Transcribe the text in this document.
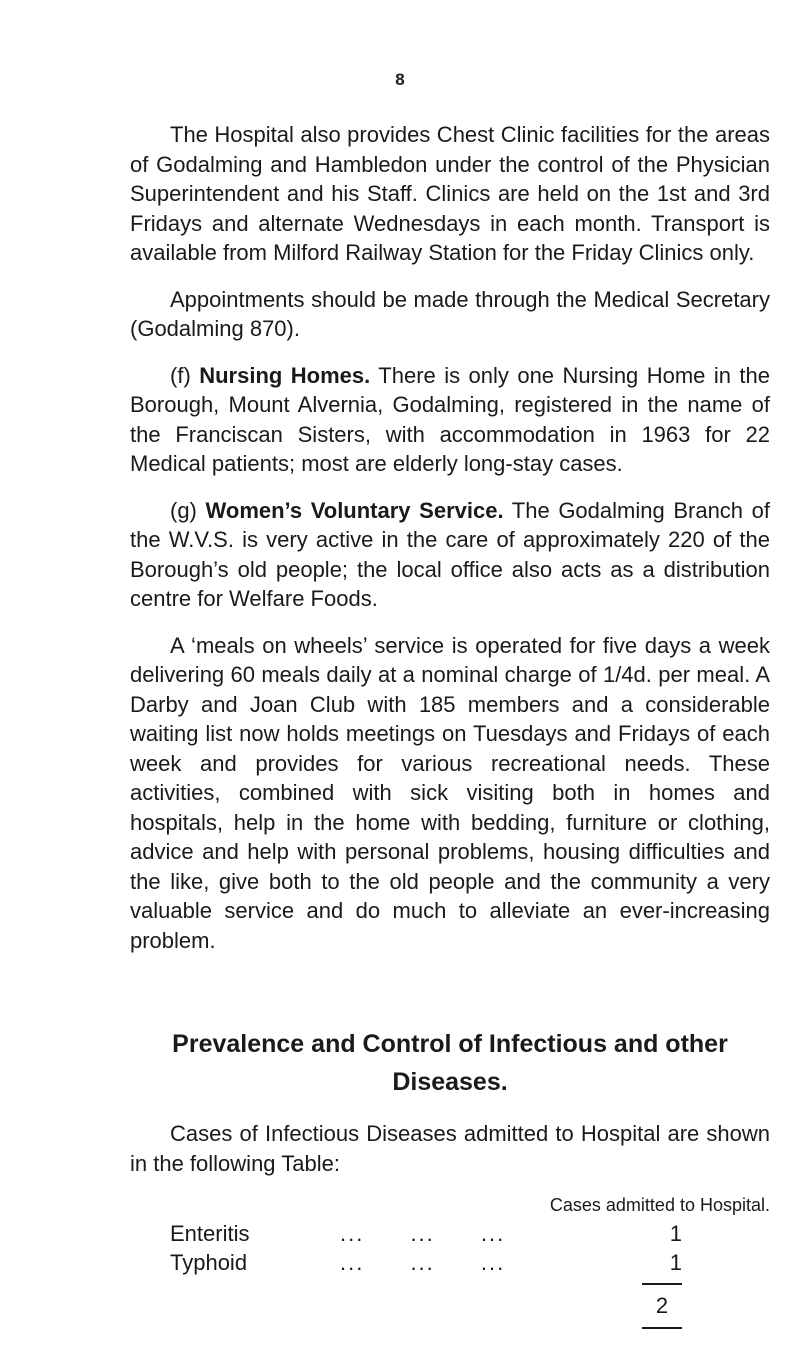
8

The Hospital also provides Chest Clinic facilities for the areas of Godalming and Hambledon under the control of the Physician Superintendent and his Staff. Clinics are held on the 1st and 3rd Fridays and alternate Wednesdays in each month. Transport is available from Milford Railway Station for the Friday Clinics only.

Appointments should be made through the Medical Secretary (Godalming 870).

(f) Nursing Homes. There is only one Nursing Home in the Borough, Mount Alvernia, Godalming, registered in the name of the Franciscan Sisters, with accommodation in 1963 for 22 Medical patients; most are elderly long-stay cases.

(g) Women’s Voluntary Service. The Godalming Branch of the W.V.S. is very active in the care of approximately 220 of the Borough’s old people; the local office also acts as a distribution centre for Welfare Foods.

A ‘meals on wheels’ service is operated for five days a week delivering 60 meals daily at a nominal charge of 1/4d. per meal. A Darby and Joan Club with 185 members and a considerable waiting list now holds meetings on Tuesdays and Fridays of each week and provides for various recreational needs. These activities, combined with sick visiting both in homes and hospitals, help in the home with bedding, furniture or clothing, advice and help with personal problems, housing difficulties and the like, give both to the old people and the community a very valuable service and do much to alleviate an ever-increasing problem.

Prevalence and Control of Infectious and other Diseases.

Cases of Infectious Diseases admitted to Hospital are shown in the following Table:

Cases admitted to Hospital.
Enteritis	... ... ...	1
Typhoid	... ... ...	1
2
